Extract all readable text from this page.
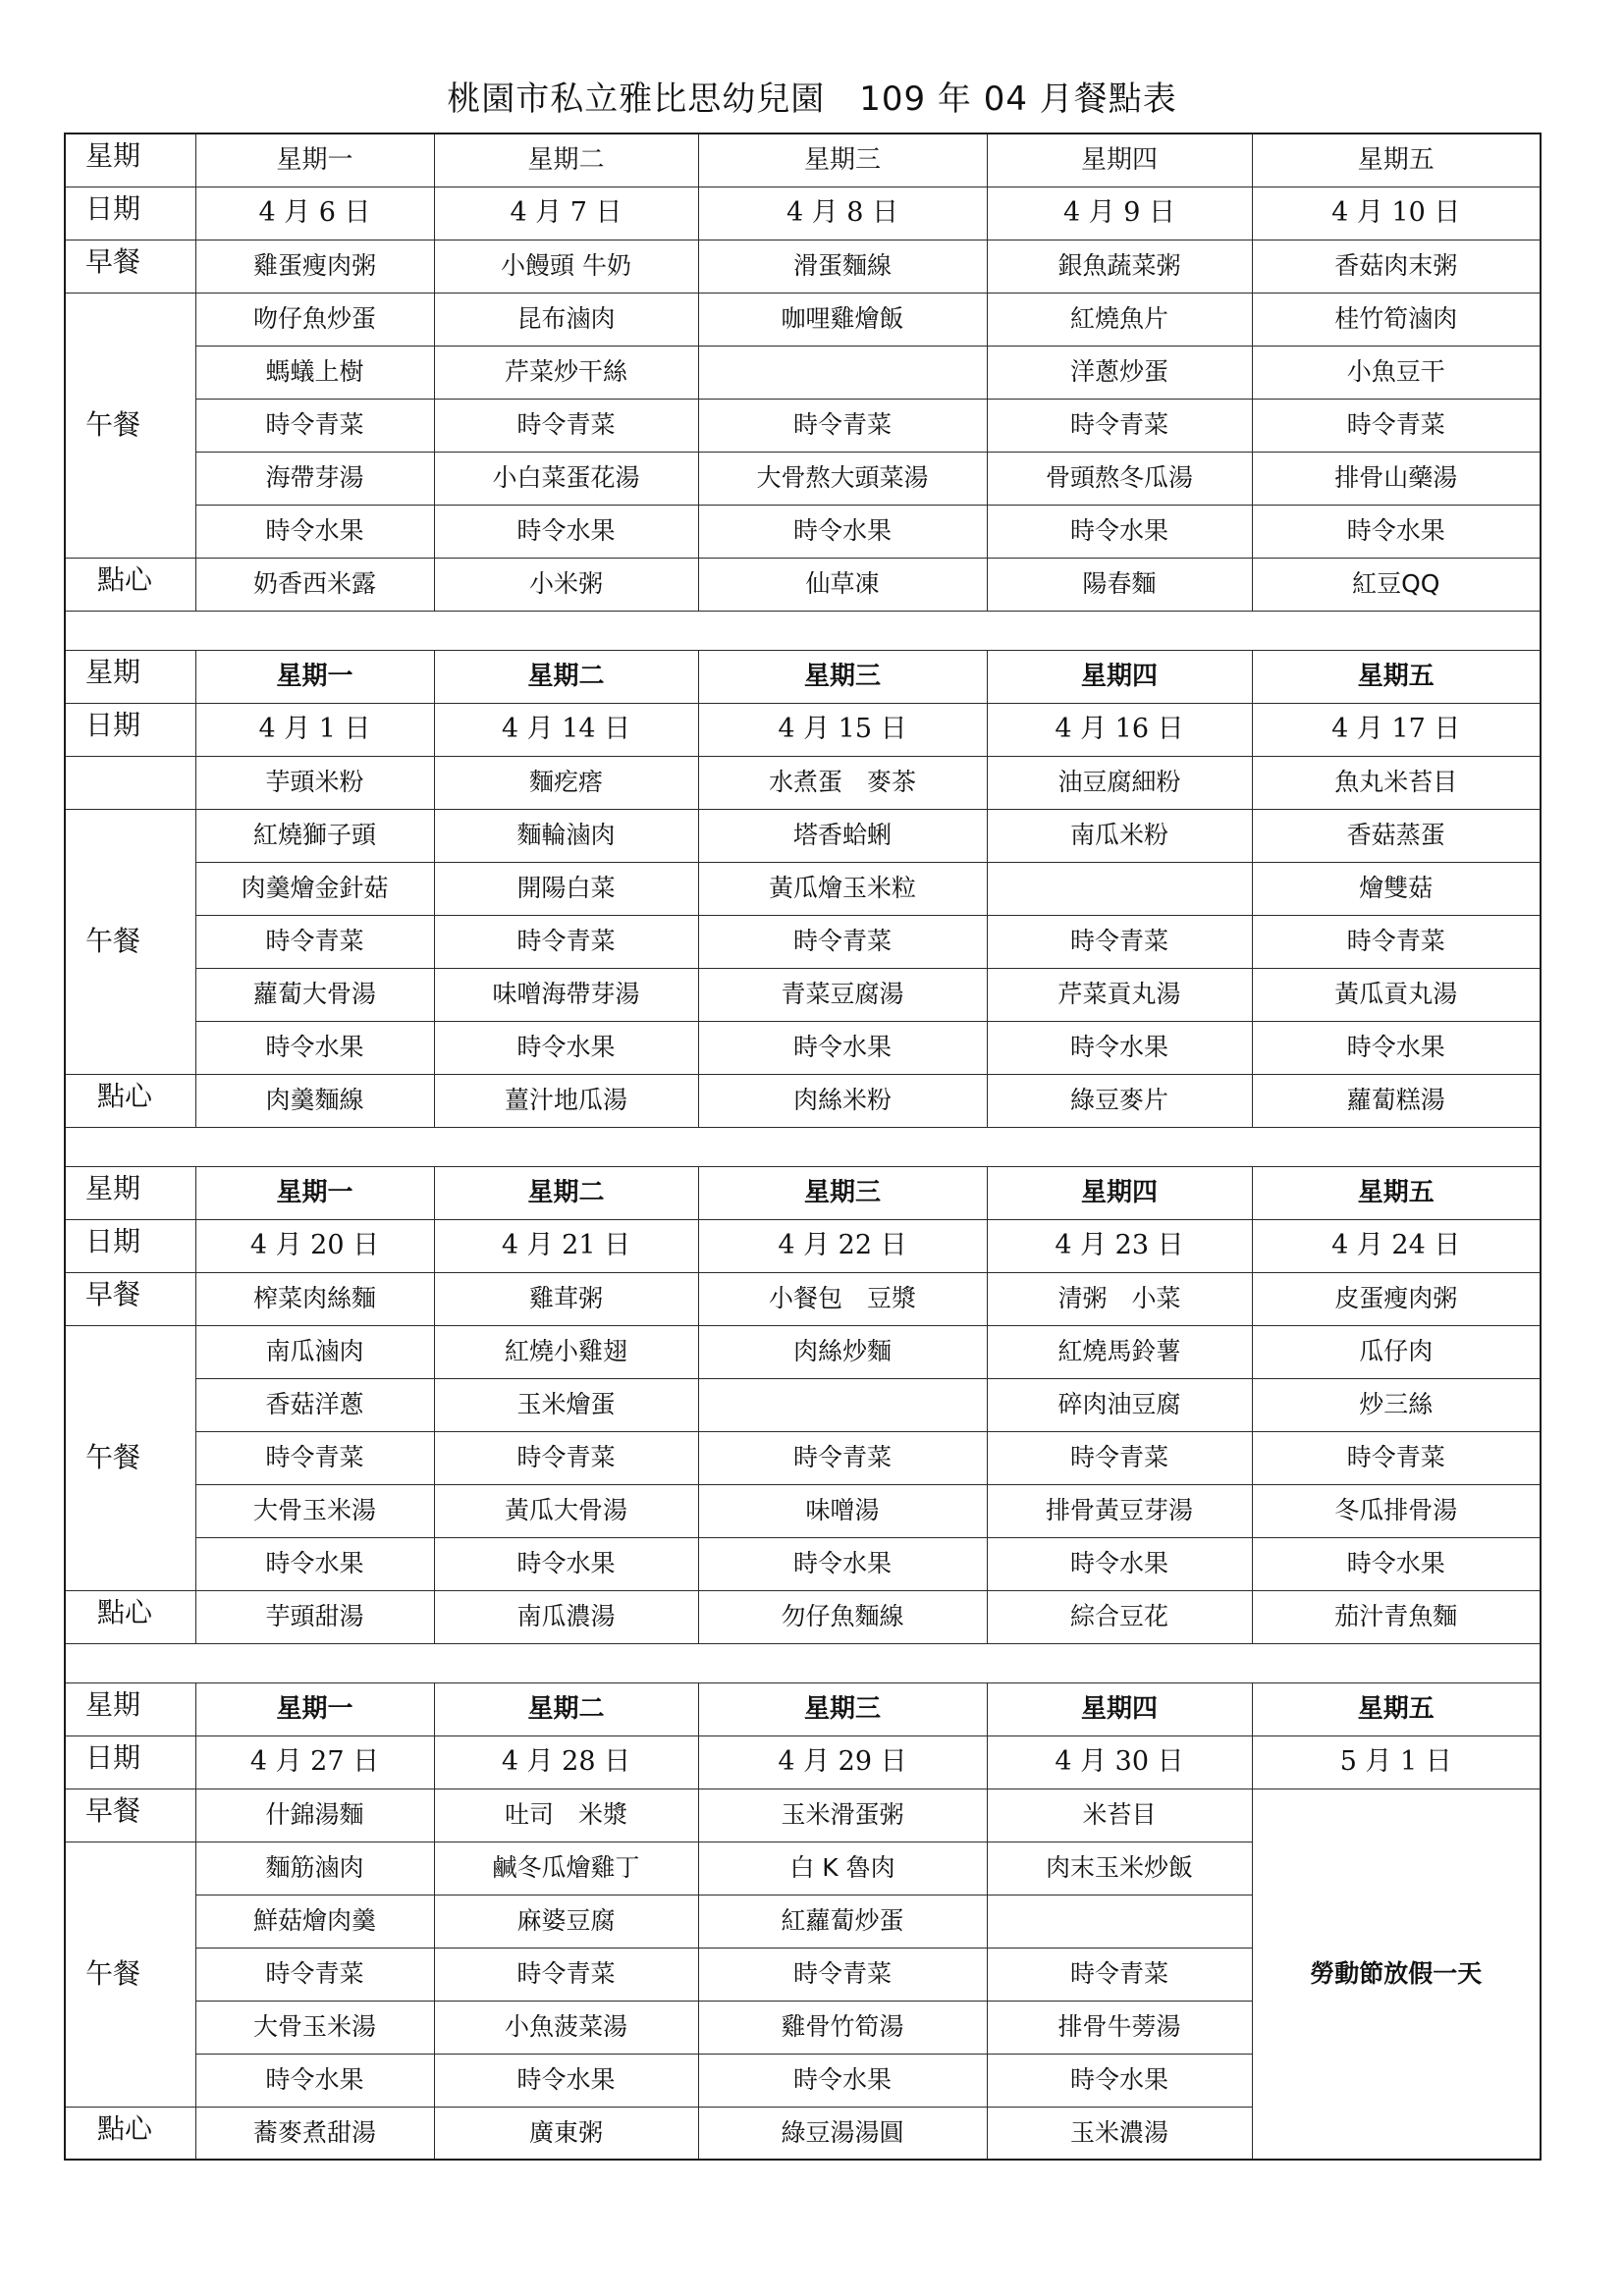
桃園市私立雅比思幼兒園　109 年 04 月餐點表
星期	星期一	星期二	星期三	星期四	星期五
日期	4 月 6 日	4 月 7 日	4 月 8 日	4 月 9 日	4 月 10 日
早餐	雞蛋瘦肉粥	小饅頭 牛奶	滑蛋麵線	銀魚蔬菜粥	香菇肉末粥
午餐	吻仔魚炒蛋	昆布滷肉	咖哩雞燴飯	紅燒魚片	桂竹筍滷肉
	螞蟻上樹	芹菜炒干絲		洋蔥炒蛋	小魚豆干
	時令青菜	時令青菜	時令青菜	時令青菜	時令青菜
	海帶芽湯	小白菜蛋花湯	大骨熬大頭菜湯	骨頭熬冬瓜湯	排骨山藥湯
	時令水果	時令水果	時令水果	時令水果	時令水果
點心	奶香西米露	小米粥	仙草凍	陽春麵	紅豆QQ

星期	星期一	星期二	星期三	星期四	星期五
日期	4 月 1 日	4 月 14 日	4 月 15 日	4 月 16 日	4 月 17 日
	芋頭米粉	麵疙瘩	水煮蛋　麥茶	油豆腐細粉	魚丸米苔目
午餐	紅燒獅子頭	麵輪滷肉	塔香蛤蜊	南瓜米粉	香菇蒸蛋
	肉羹燴金針菇	開陽白菜	黃瓜燴玉米粒		燴雙菇
	時令青菜	時令青菜	時令青菜	時令青菜	時令青菜
	蘿蔔大骨湯	味噌海帶芽湯	青菜豆腐湯	芹菜貢丸湯	黃瓜貢丸湯
	時令水果	時令水果	時令水果	時令水果	時令水果
點心	肉羹麵線	薑汁地瓜湯	肉絲米粉	綠豆麥片	蘿蔔糕湯

星期	星期一	星期二	星期三	星期四	星期五
日期	4 月 20 日	4 月 21 日	4 月 22 日	4 月 23 日	4 月 24 日
早餐	榨菜肉絲麵	雞茸粥	小餐包　豆漿	清粥　小菜	皮蛋瘦肉粥
午餐	南瓜滷肉	紅燒小雞翅	肉絲炒麵	紅燒馬鈴薯	瓜仔肉
	香菇洋蔥	玉米燴蛋		碎肉油豆腐	炒三絲
	時令青菜	時令青菜	時令青菜	時令青菜	時令青菜
	大骨玉米湯	黃瓜大骨湯	味噌湯	排骨黃豆芽湯	冬瓜排骨湯
	時令水果	時令水果	時令水果	時令水果	時令水果
點心	芋頭甜湯	南瓜濃湯	勿仔魚麵線	綜合豆花	茄汁青魚麵

星期	星期一	星期二	星期三	星期四	星期五
日期	4 月 27 日	4 月 28 日	4 月 29 日	4 月 30 日	5 月 1 日
早餐	什錦湯麵	吐司　米漿	玉米滑蛋粥	米苔目	勞動節放假一天
午餐	麵筋滷肉	鹹冬瓜燴雞丁	白 K 魯肉	肉末玉米炒飯	
	鮮菇燴肉羹	麻婆豆腐	紅蘿蔔炒蛋		
	時令青菜	時令青菜	時令青菜	時令青菜	
	大骨玉米湯	小魚菠菜湯	雞骨竹筍湯	排骨牛蒡湯	
	時令水果	時令水果	時令水果	時令水果	
點心	蕎麥煮甜湯	廣東粥	綠豆湯湯圓	玉米濃湯	
